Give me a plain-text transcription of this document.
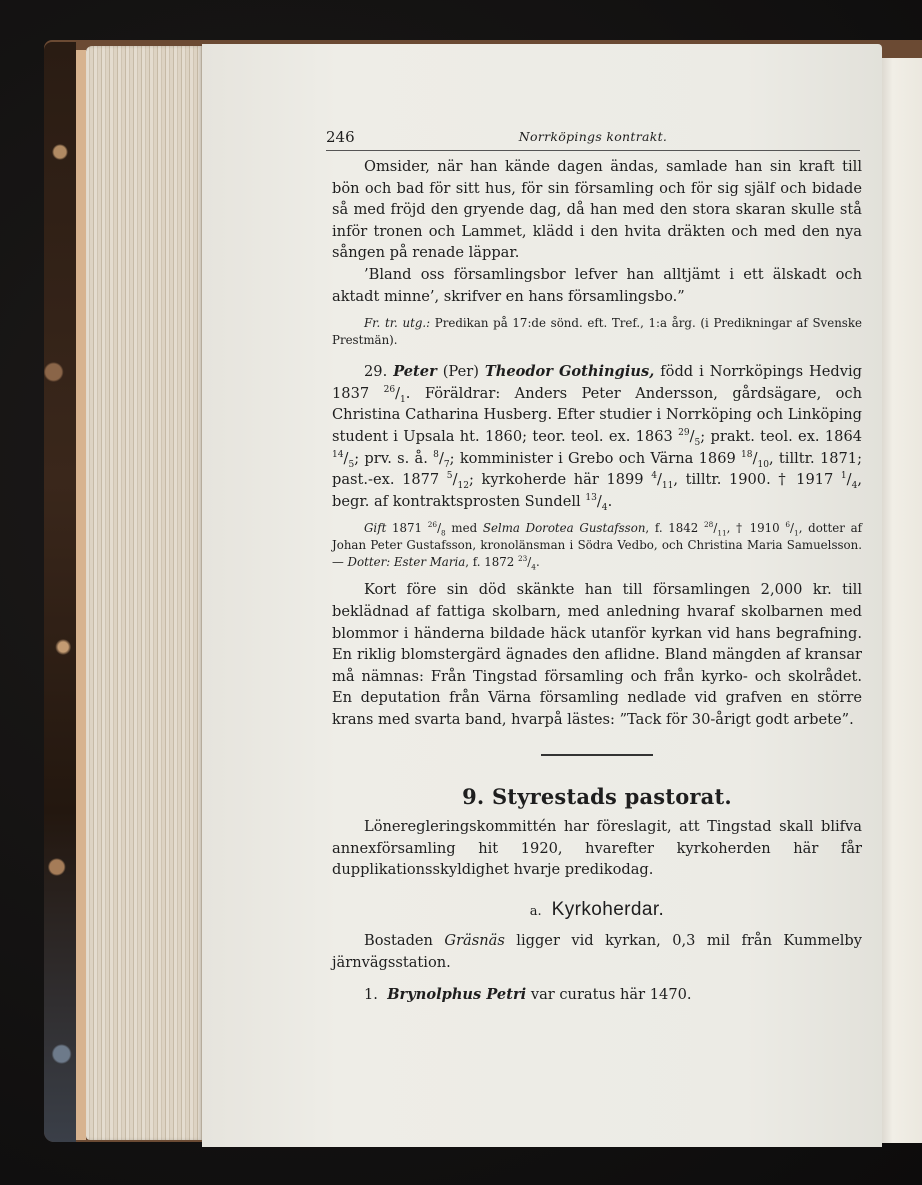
246	Norrköpings kontrakt.

Omsider, när han kände dagen ändas, samlade han sin kraft till bön och bad för sitt hus, för sin församling och för sig själf och bidade så med fröjd den gryende dag, då han med den stora skaran skulle stå inför tronen och Lammet, klädd i den hvita dräkten och med den nya sången på renade läppar.

’Bland oss församlingsbor lefver han alltjämt i ett älskadt och aktadt minne’, skrifver en hans församlingsbo.”

Fr. tr. utg.: Predikan på 17:de sönd. eft. Tref., 1:a årg. (i Predikningar af Svenske Prestmän).

29. Peter (Per) Theodor Gothingius, född i Norrköpings Hedvig 1837 $^{26}/_1$. Föräldrar: Anders Peter Andersson, gårdsägare, och Christina Catharina Husberg. Efter studier i Norrköping och Linköping student i Upsala ht. 1860; teor. teol. ex. 1863 $^{29}/_5$; prakt. teol. ex. 1864 $^{14}/_5$; prv. s. å. $^8/_7$; komminister i Grebo och Värna 1869 $^{18}/_{10}$, tilltr. 1871; past.-ex. 1877 $^5/_{12}$; kyrkoherde här 1899 $^4/_{11}$, tilltr. 1900. † 1917 $^1/_4$, begr. af kontraktsprosten Sundell $^{13}/_4$.

Gift 1871 $^{26}/_8$ med Selma Dorotea Gustafsson, f. 1842 $^{28}/_{11}$, † 1910 $^6/_1$, dotter af Johan Peter Gustafsson, kronolänsman i Södra Vedbo, och Christina Maria Samuelsson. — Dotter: Ester Maria, f. 1872 $^{23}/_4$.

Kort före sin död skänkte han till församlingen 2,000 kr. till beklädnad af fattiga skolbarn, med anledning hvaraf skolbarnen med blommor i händerna bildade häck utanför kyrkan vid hans begrafning. En riklig blomstergärd ägnades den aflidne. Bland mängden af kransar må nämnas: Från Tingstad församling och från kyrko- och skolrådet. En deputation från Värna församling nedlade vid grafven en större krans med svarta band, hvarpå lästes: ”Tack för 30-årigt godt arbete”.

9. Styrestads pastorat.

Löneregleringskommittén har föreslagit, att Tingstad skall blifva annexförsamling hit 1920, hvarefter kyrkoherden här får dupplikationsskyldighet hvarje predikodag.

a. Kyrkoherdar.

Bostaden Gräsnäs ligger vid kyrkan, 0,3 mil från Kummelby järnvägsstation.

1. Brynolphus Petri var curatus här 1470.
